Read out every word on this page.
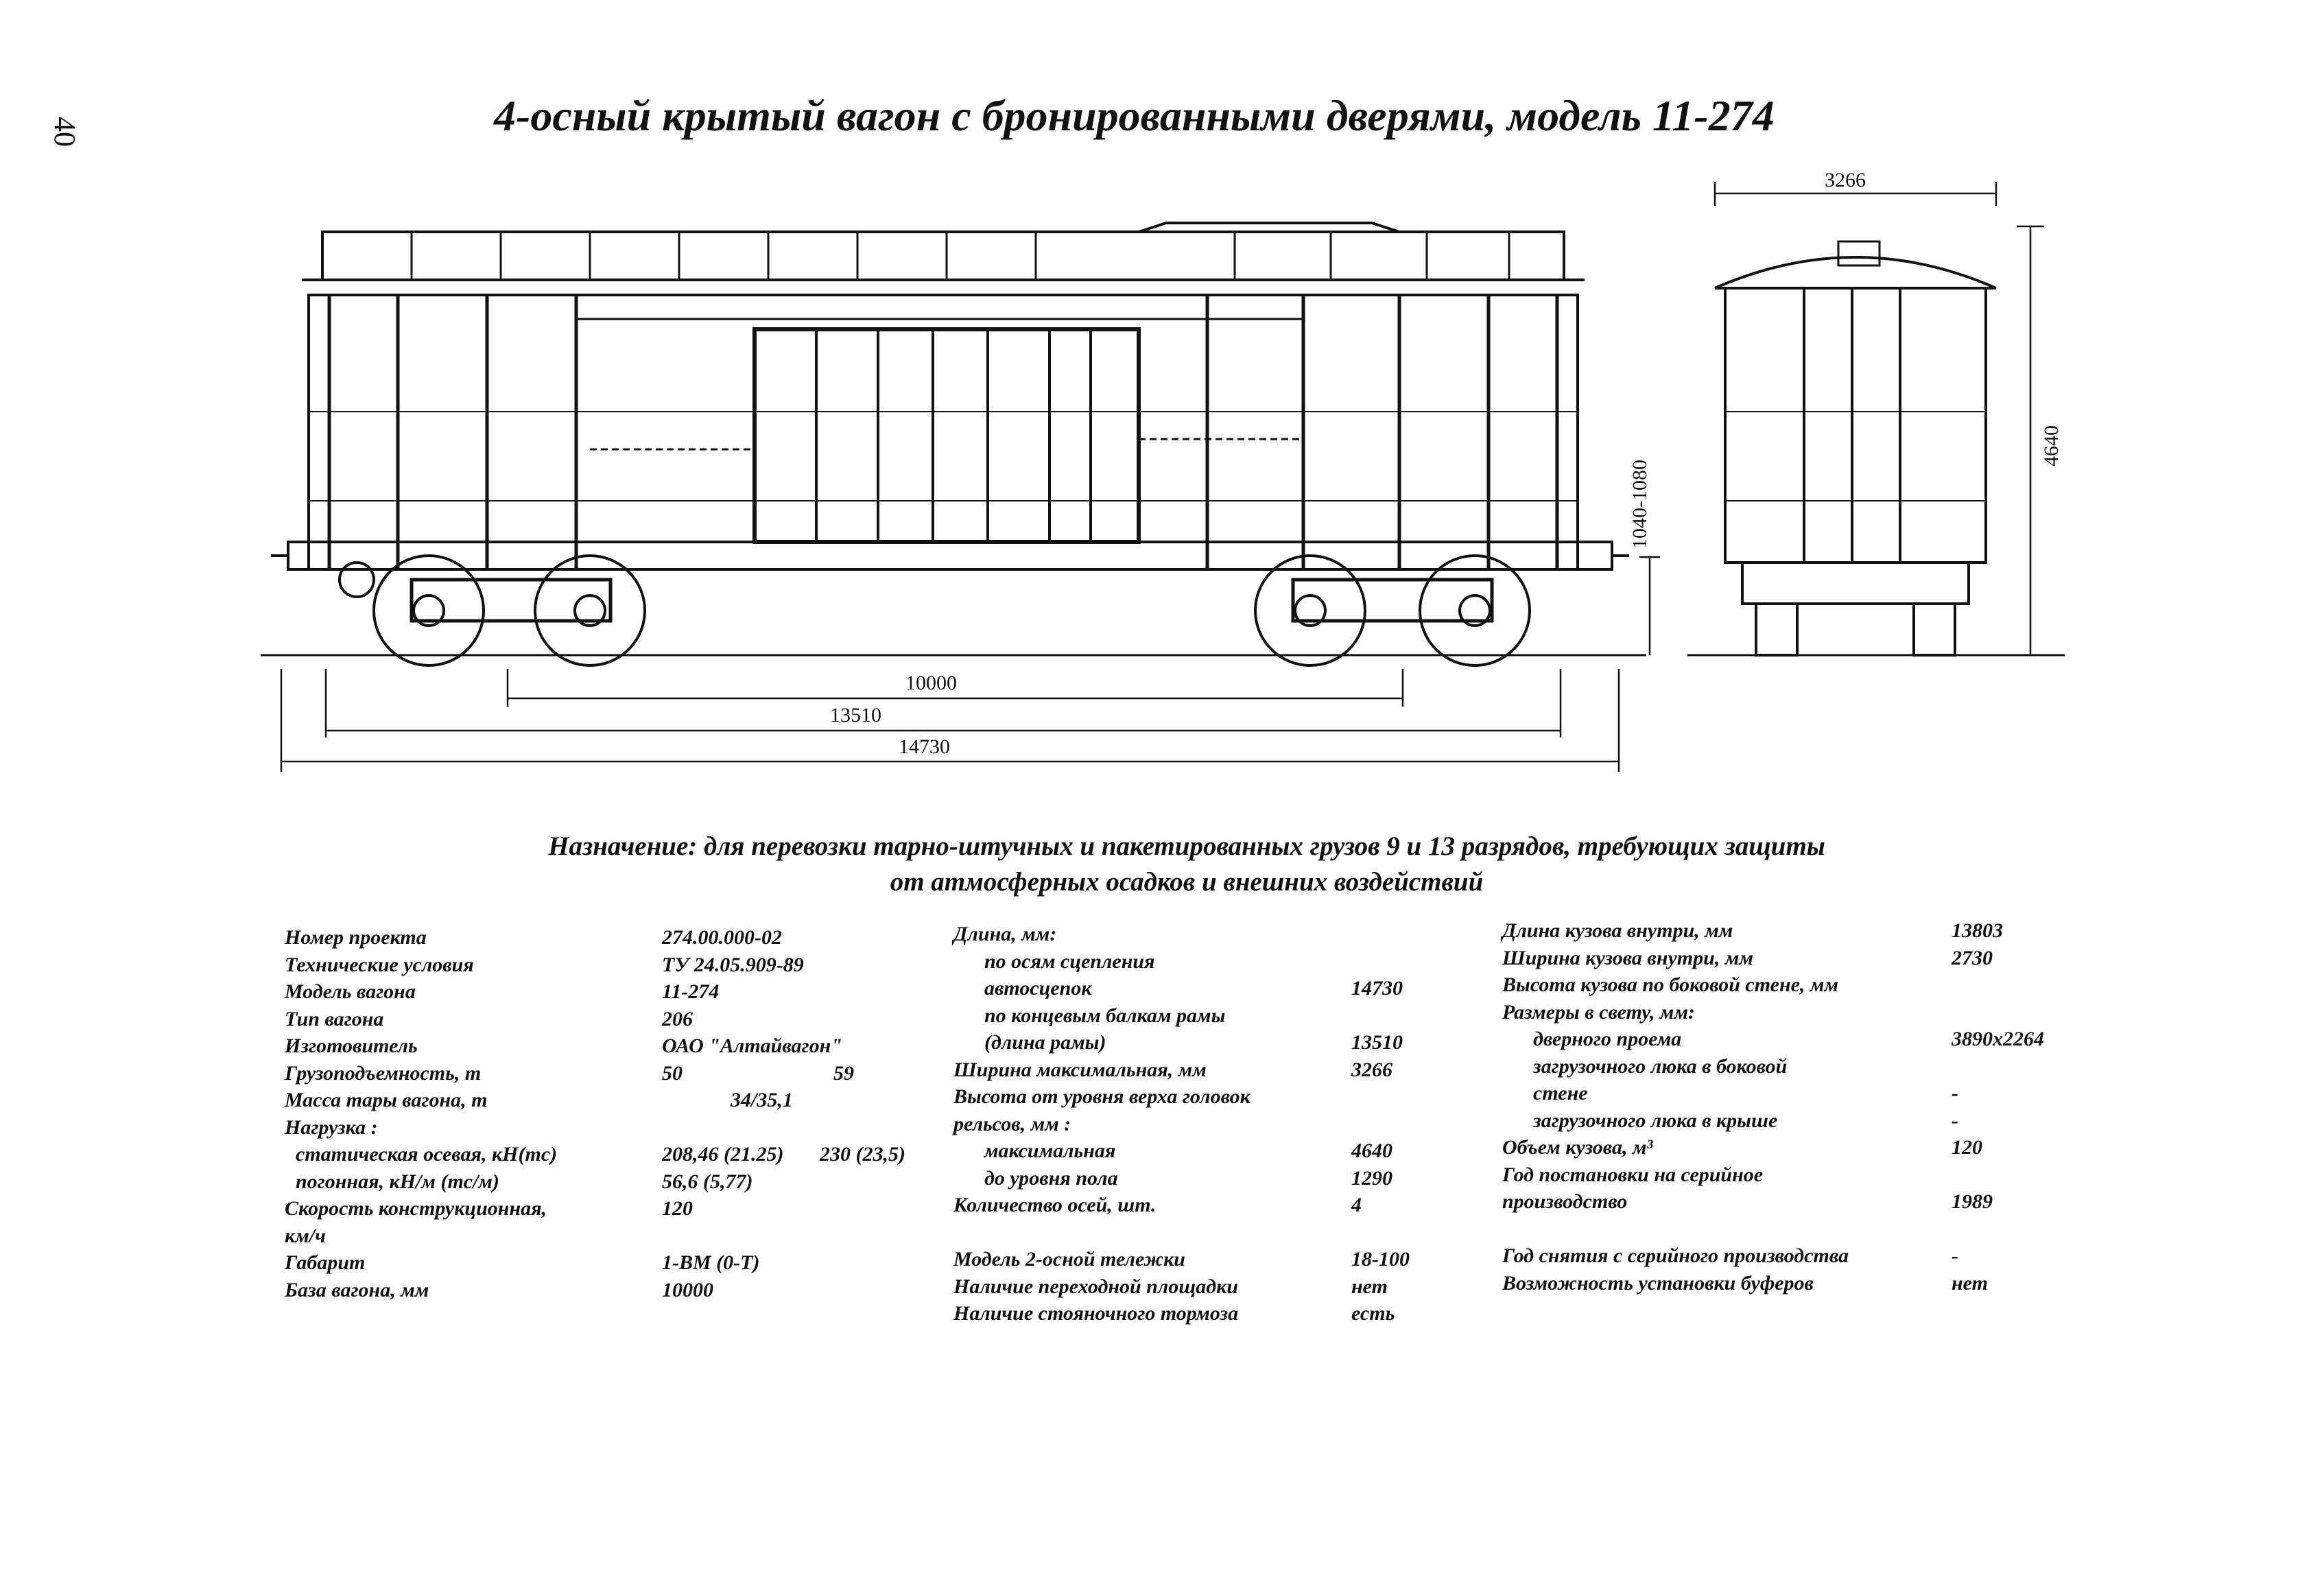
40	4-осный крытый вагон с бронированными дверями, модель 11-274
10000
13510
14730
3266
4640
1040-1080
Назначение: для перевозки тарно-штучных и пакетированных грузов 9 и 13 разрядов, требующих защиты
от атмосферных осадков и внешних воздействий
Номер проекта	274.00.000-02
Технические условия	ТУ 24.05.909-89
Модель вагона	11-274
Тип вагона	206
Изготовитель	ОАО "Алтайвагон"
Грузоподъемность, т	50	59
Масса тары вагона, т	34/35,1
Нагрузка :
статическая осевая, кН(тс)	208,46 (21.25) 230 (23,5)
погонная, кН/м (тс/м)	56,6 (5,77)
Скорость конструкционная,	120
км/ч
Габарит	1-ВМ (0-Т)
База вагона, мм	10000
Длина, мм:
по осям сцепления
автосцепок	14730
по концевым балкам рамы
(длина рамы)	13510
Ширина максимальная, мм	3266
Высота от уровня верха головок
рельсов, мм :
максимальная	4640
до уровня пола	1290
Количество осей, шт.	4
Модель 2-осной тележки	18-100
Наличие переходной площадки	нет
Наличие стояночного тормоза	есть
Длина кузова внутри, мм	13803
Ширина кузова внутри, мм	2730
Высота кузова по боковой стене, мм
Размеры в свету, мм:
дверного проема	3890x2264
загрузочного люка в боковой
стене	-
загрузочного люка в крыше	-
Объем кузова, м³	120
Год постановки на серийное
производство	1989
Год снятия с серийного производства	-
Возможность установки буферов	нет
